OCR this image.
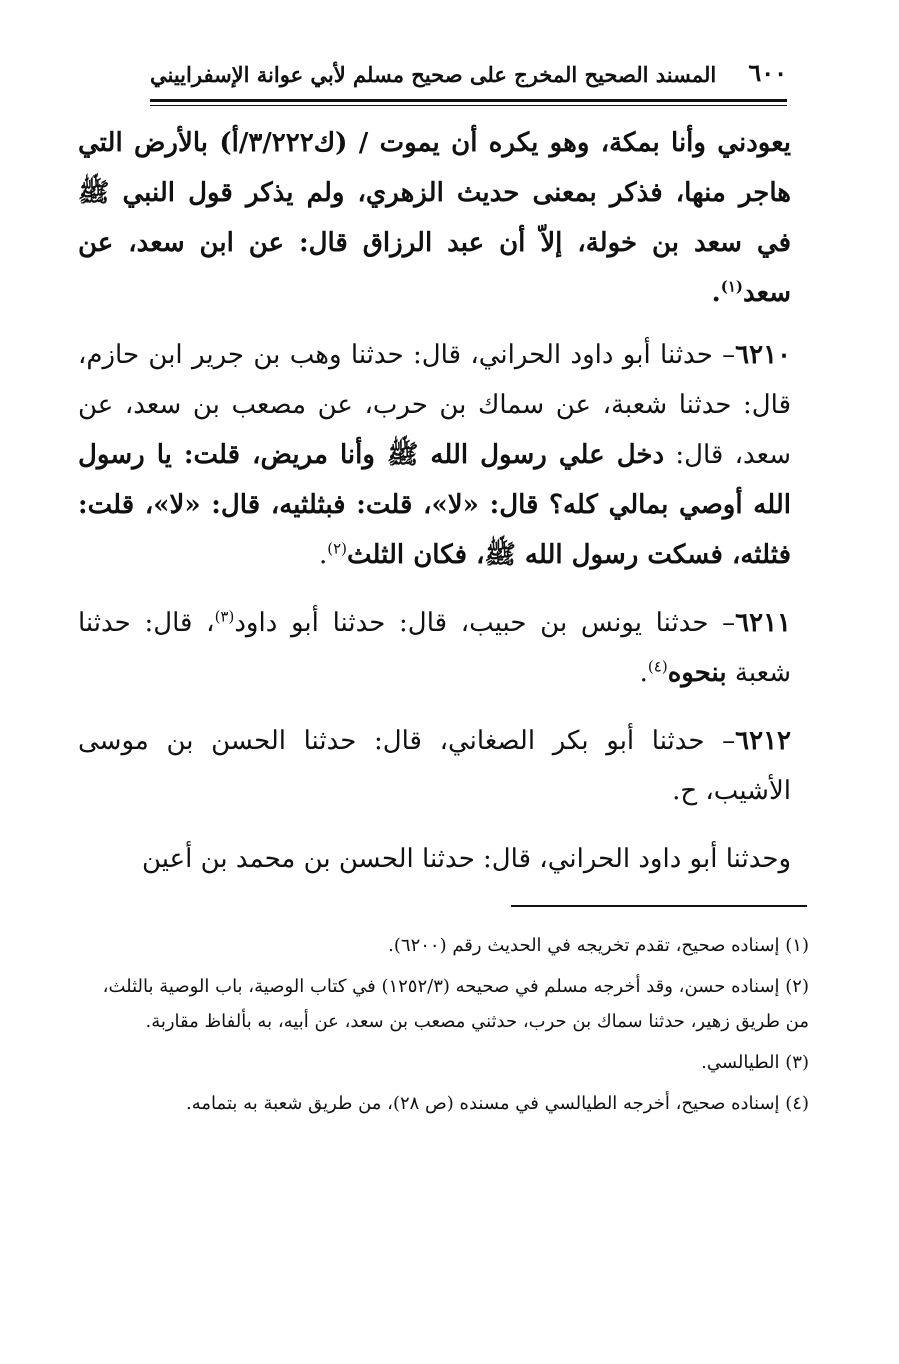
٦٠٠
المسند الصحيح المخرج على صحيح مسلم لأبي عوانة الإسفراييني

يعودني وأنا بمكة، وهو يكره أن يموت / (ك٣/٢٢٢/أ) بالأرض التي هاجر منها، فذكر بمعنى حديث الزهري، ولم يذكر قول النبي ﷺ في سعد بن خولة، إلاّ أن عبد الرزاق قال: عن ابن سعد، عن سعد$^{(١)}$.

٦٢١٠– حدثنا أبو داود الحراني، قال: حدثنا وهب بن جرير ابن حازم، قال: حدثنا شعبة، عن سماك بن حرب، عن مصعب بن سعد، عن سعد، قال: دخل علي رسول الله ﷺ وأنا مريض، قلت: يا رسول الله أوصي بمالي كله؟ قال: «لا»، قلت: فبثلثيه، قال: «لا»، قلت: فثلثه، فسكت رسول الله ﷺ، فكان الثلث$^{(٢)}$.

٦٢١١– حدثنا يونس بن حبيب، قال: حدثنا أبو داود$^{(٣)}$، قال: حدثنا شعبة بنحوه$^{(٤)}$.

٦٢١٢– حدثنا أبو بكر الصغاني، قال: حدثنا الحسن بن موسى الأشيب، ح.

وحدثنا أبو داود الحراني، قال: حدثنا الحسن بن محمد بن أعين

(١) إسناده صحيح، تقدم تخريجه في الحديث رقم (٦٢٠٠).
(٢) إسناده حسن، وقد أخرجه مسلم في صحيحه (١٢٥٢/٣) في كتاب الوصية، باب الوصية بالثلث، من طريق زهير، حدثنا سماك بن حرب، حدثني مصعب بن سعد، عن أبيه، به بألفاظ مقاربة.
(٣) الطيالسي.
(٤) إسناده صحيح، أخرجه الطيالسي في مسنده (ص ٢٨)، من طريق شعبة به بتمامه.
